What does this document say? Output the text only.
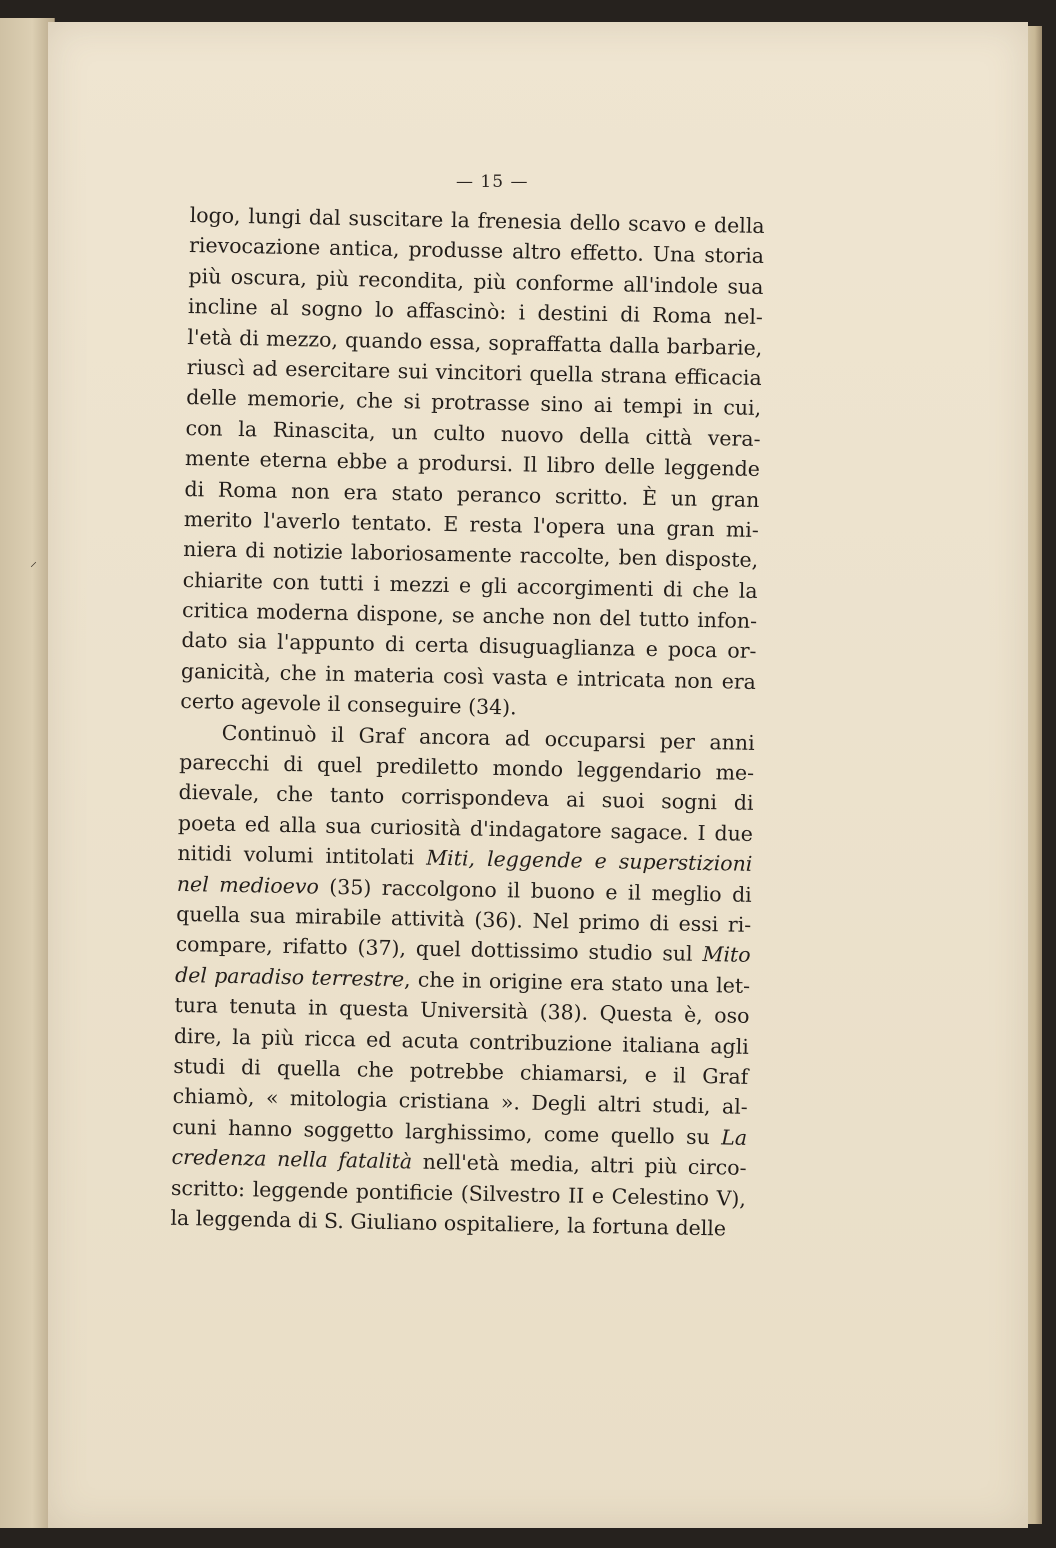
⸝
— 15 —
logo, lungi dal suscitare la frenesia dello scavo e della
rievocazione antica, produsse altro effetto. Una storia
più oscura, più recondita, più conforme all'indole sua
incline al sogno lo affascinò: i destini di Roma nel-
l'età di mezzo, quando essa, sopraffatta dalla barbarie,
riuscì ad esercitare sui vincitori quella strana efficacia
delle memorie, che si protrasse sino ai tempi in cui,
con la Rinascita, un culto nuovo della città vera-
mente eterna ebbe a prodursi. Il libro delle leggende
di Roma non era stato peranco scritto. È un gran
merito l'averlo tentato. E resta l'opera una gran mi-
niera di notizie laboriosamente raccolte, ben disposte,
chiarite con tutti i mezzi e gli accorgimenti di che la
critica moderna dispone, se anche non del tutto infon-
dato sia l'appunto di certa disuguaglianza e poca or-
ganicità, che in materia così vasta e intricata non era
certo agevole il conseguire (34).
Continuò il Graf ancora ad occuparsi per anni
parecchi di quel prediletto mondo leggendario me-
dievale, che tanto corrispondeva ai suoi sogni di
poeta ed alla sua curiosità d'indagatore sagace. I due
nitidi volumi intitolati Miti, leggende e superstizioni
nel medioevo (35) raccolgono il buono e il meglio di
quella sua mirabile attività (36). Nel primo di essi ri-
compare, rifatto (37), quel dottissimo studio sul Mito
del paradiso terrestre, che in origine era stato una let-
tura tenuta in questa Università (38). Questa è, oso
dire, la più ricca ed acuta contribuzione italiana agli
studi di quella che potrebbe chiamarsi, e il Graf
chiamò, « mitologia cristiana ». Degli altri studi, al-
cuni hanno soggetto larghissimo, come quello su La
credenza nella fatalità nell'età media, altri più circo-
scritto: leggende pontificie (Silvestro II e Celestino V),
la leggenda di S. Giuliano ospitaliere, la fortuna delle
